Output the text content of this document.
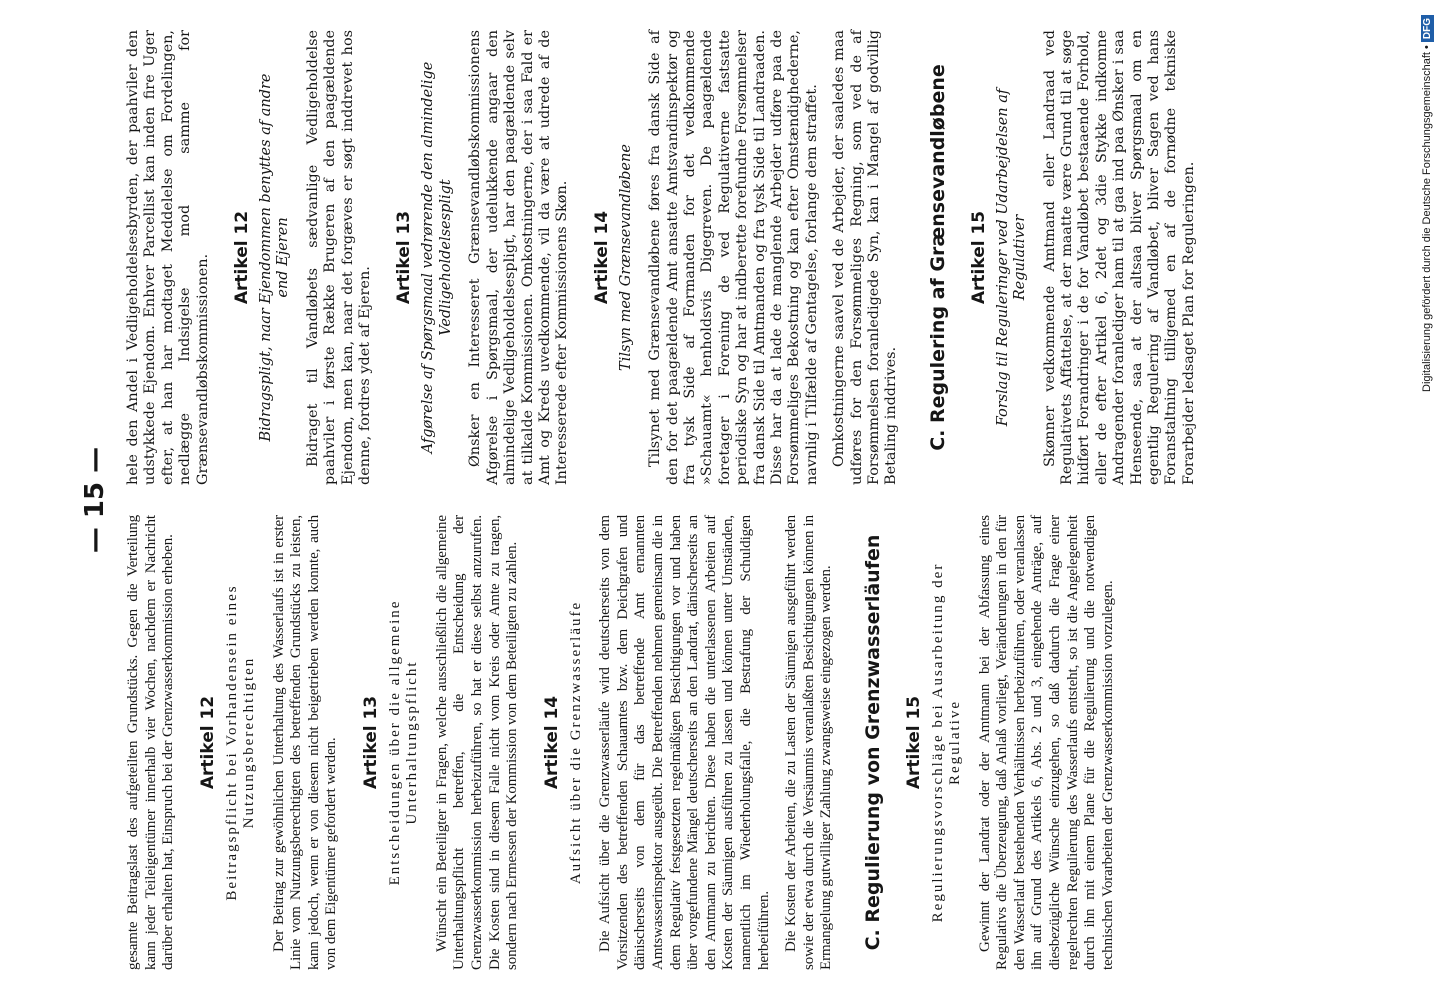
— 15 —

gesamte Beitragslast des aufgeteilten Grundstücks. Gegen die Verteilung kann jeder Teileigentümer innerhalb vier Wochen, nachdem er Nachricht darüber erhalten hat, Einspruch bei der Grenzwasserkommission erheben. Artikel 12 Beitragspflicht bei Vorhandensein eines Nutzungsberechtigten Der Beitrag zur gewöhnlichen Unterhaltung des Wasserlaufs ist in erster Linie vom Nutzungsberechtigten des betreffenden Grundstücks zu leisten, kann jedoch, wenn er von diesem nicht beigetrieben werden konnte, auch von dem Eigentümer gefordert werden. Artikel 13 Entscheidungen über die allgemeine Unterhaltungspflicht Wünscht ein Beteiligter in Fragen, welche ausschließlich die allgemeine Unterhaltungspflicht betreffen, die Entscheidung der Grenzwasserkommission herbeizuführen, so hat er diese selbst anzurufen. Die Kosten sind in diesem Falle nicht vom Kreis oder Amte zu tragen, sondern nach Ermessen der Kommission von dem Beteiligten zu zahlen. Artikel 14 Aufsicht über die Grenzwasserläufe Die Aufsicht über die Grenzwasserläufe wird deutscherseits von dem Vorsitzenden des betreffenden Schauamtes bzw. dem Deichgrafen und dänischerseits von dem für das betreffende Amt ernannten Amtswasserinspektor ausgeübt. Die Betreffenden nehmen gemeinsam die in dem Regulativ festgesetzten regelmäßigen Besichtigungen vor und haben über vorgefundene Mängel deutscherseits an den Landrat, dänischerseits an den Amtmann zu berichten. Diese haben die unterlassenen Arbeiten auf Kosten der Säumigen ausführen zu lassen und können unter Umständen, namentlich im Wiederholungsfalle, die Bestrafung der Schuldigen herbeiführen. Die Kosten der Arbeiten, die zu Lasten der Säumigen ausgeführt werden sowie der etwa durch die Versäumnis veranlaßten Besichtigungen können in Ermangelung gutwilliger Zahlung zwangsweise eingezogen werden. C. Regulierung von Grenzwasserläufen Artikel 15 Regulierungsvorschläge bei Ausarbeitung der Regulative Gewinnt der Landrat oder der Amtmann bei der Abfassung eines Regulativs die Überzeugung, daß Anlaß vorliegt, Veränderungen in den für den Wasserlauf bestehenden Verhältnissen herbeizuführen, oder veranlassen ihn auf Grund des Artikels 6, Abs. 2 und 3, eingehende Anträge, auf diesbezügliche Wünsche einzugehen, so daß dadurch die Frage einer regelrechten Regulierung des Wasserlaufs entsteht, so ist die Angelegenheit durch ihn mit einem Plane für die Regulierung und die notwendigen technischen Vorarbeiten der Grenzwasserkommission vorzulegen.

hele den Andel i Vedligeholdelsesbyrden, der paahviler den udstykkede Ejendom. Enhver Parcellist kan inden fire Uger efter, at han har modtaget Meddelelse om Fordelingen, nedlægge Indsigelse mod samme for Grænsevandløbskommissionen. Artikel 12 Bidragspligt, naar Ejendommen benyttes af andre end Ejeren Bidraget til Vandløbets sædvanlige Vedligeholdelse paahviler i første Række Brugeren af den paagældende Ejendom, men kan, naar det forgæves er søgt inddrevet hos denne, fordres ydet af Ejeren.

Artikel 13 Afgørelse af Spørgsmaal vedrørende den almindelige Vedligeholdelsespligt Ønsker en Interesseret Grænsevandløbskommissionens Afgørelse i Spørgsmaal, der udelukkende angaar den almindelige Vedligeholdelsespligt, har den paagældende selv at tilkalde Kommissionen. Omkostningerne, der i saa Fald er Amt og Kreds uvedkommende, vil da være at udrede af de Interesserede efter Kommissionens Skøn. Artikel 14 Tilsyn med Grænsevandløbene Tilsynet med Grænsevandløbene føres fra dansk Side af den for det paagældende Amt ansatte Amtsvandinspektør og fra tysk Side af Formanden for det vedkommende »Schauamt« henholdsvis Digegreven. De paagældende foretager i Forening de ved Regulativerne fastsatte periodiske Syn og har at indberette forefundne Forsømmelser fra dansk Side til Amtmanden og fra tysk Side til Landraaden. Disse har da at lade de manglende Arbejder udføre paa de Forsømmeliges Bekostning og kan efter Omstændighederne, navnlig i Tilfælde af Gentagelse, forlange dem straffet. Omkostningerne saavel ved de Arbejder, der saaledes maa udføres for den Forsømmeliges Regning, som ved de af Forsømmelsen foranledigede Syn, kan i Mangel af godvillig Betaling inddrives. C. Regulering af Grænsevandløbene Artikel 15 Forslag til Reguleringer ved Udarbejdelsen af Regulativer Skønner vedkommende Amtmand eller Landraad ved Regulativets Affattelse, at der maatte være Grund til at søge hidført Forandringer i de for Vandløbet bestaaende Forhold, eller de efter Artikel 6, 2det og 3die Stykke indkomne Andragender foranlediger ham til at gaa ind paa Ønsker i saa Henseende, saa at der altsaa bliver Spørgsmaal om en egentlig Regulering af Vandløbet, bliver Sagen ved hans Foranstaltning tilligemed en af de fornødne tekniske Forarbejder ledsaget Plan for Reguleringen.	Digitalisierung gefördert durch die Deutsche Forschungsgemeinschaft •DFG
